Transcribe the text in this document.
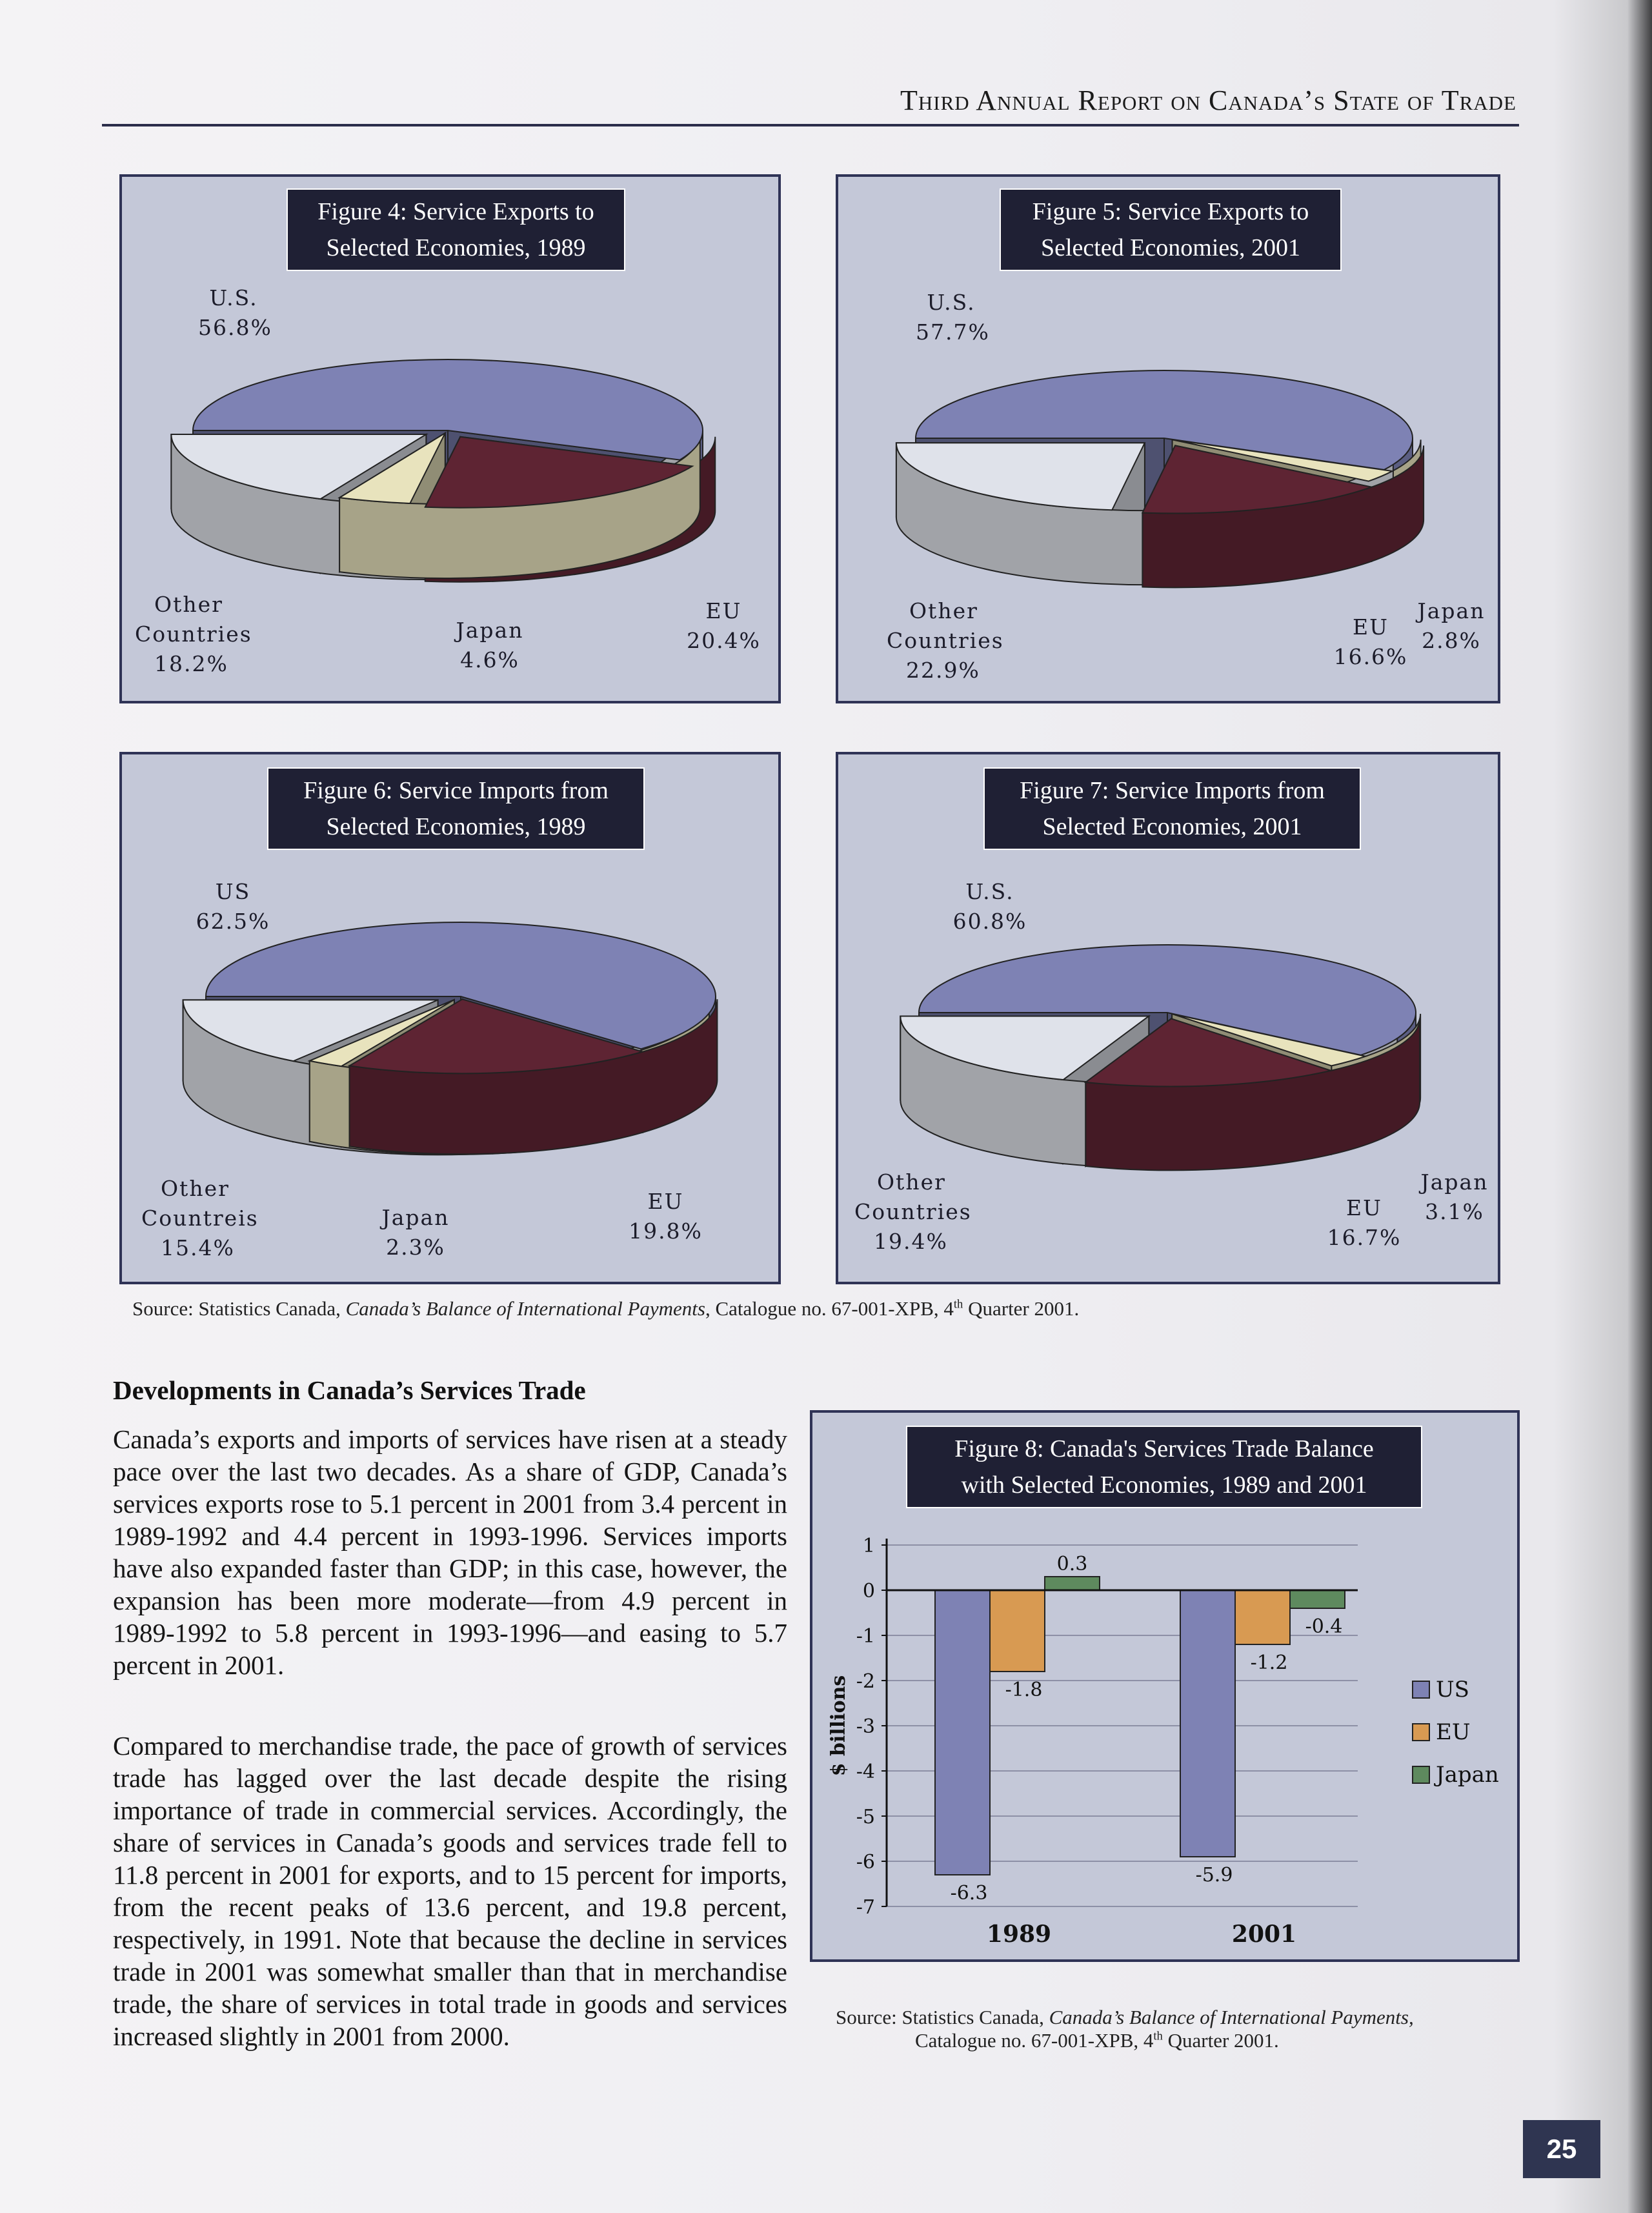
Third Annual Report on Canada’s State of Trade
Figure 4: Service Exports to
Selected Economies, 1989
U.S.
56.8%
Other
Countries
18.2%
Japan
4.6%
EU
20.4%
Figure 5: Service Exports to
Selected Economies, 2001
U.S.
57.7%
Other
Countries
22.9%
EU
16.6%
Japan
2.8%
Figure 6: Service Imports from
Selected Economies, 1989
US
62.5%
Other
Countreis
15.4%
Japan
2.3%
EU
19.8%
Figure 7: Service Imports from
Selected Economies, 2001
U.S.
60.8%
Other
Countries
19.4%
EU
16.7%
Japan
3.1%
Source: Statistics Canada, Canada’s Balance of International Payments, Catalogue no. 67-001-XPB, 4th Quarter 2001.
Developments in Canada’s Services Trade

Canada’s exports and imports of services have risen at a steady pace over the last two decades. As a share of GDP, Canada’s services exports rose to 5.1 percent in 2001 from 3.4 percent in 1989-1992 and 4.4 percent in 1993-1996. Services imports have also expanded faster than GDP; in this case, however, the expansion has been more moderate—from 4.9 percent in 1989‑1992 to 5.8 percent in 1993‑1996—and easing to 5.7 percent in 2001.

Compared to merchandise trade, the pace of growth of services trade has lagged over the last decade despite the rising importance of trade in commercial services. Accordingly, the share of services in Canada’s goods and services trade fell to 11.8 percent in 2001 for exports, and to 15 percent for imports, from the recent peaks of 13.6 percent, and 19.8 percent, respectively, in 1991. Note that because the decline in services trade in 2001 was somewhat smaller than that in merchandise trade, the share of services in total trade in goods and services increased slightly in 2001 from 2000.

Figure 8: Canada's Services Trade Balance
with Selected Economies, 1989 and 2001
1
0
-1
-2
-3
-4
-5
-6
-7
$ billions
-6.3
-1.8
0.3
1989
-5.9
-1.2
-0.4
2001
US
EU
Japan
Source: Statistics Canada, Canada’s Balance of International Payments,
Catalogue no. 67-001-XPB, 4th Quarter 2001.
25
